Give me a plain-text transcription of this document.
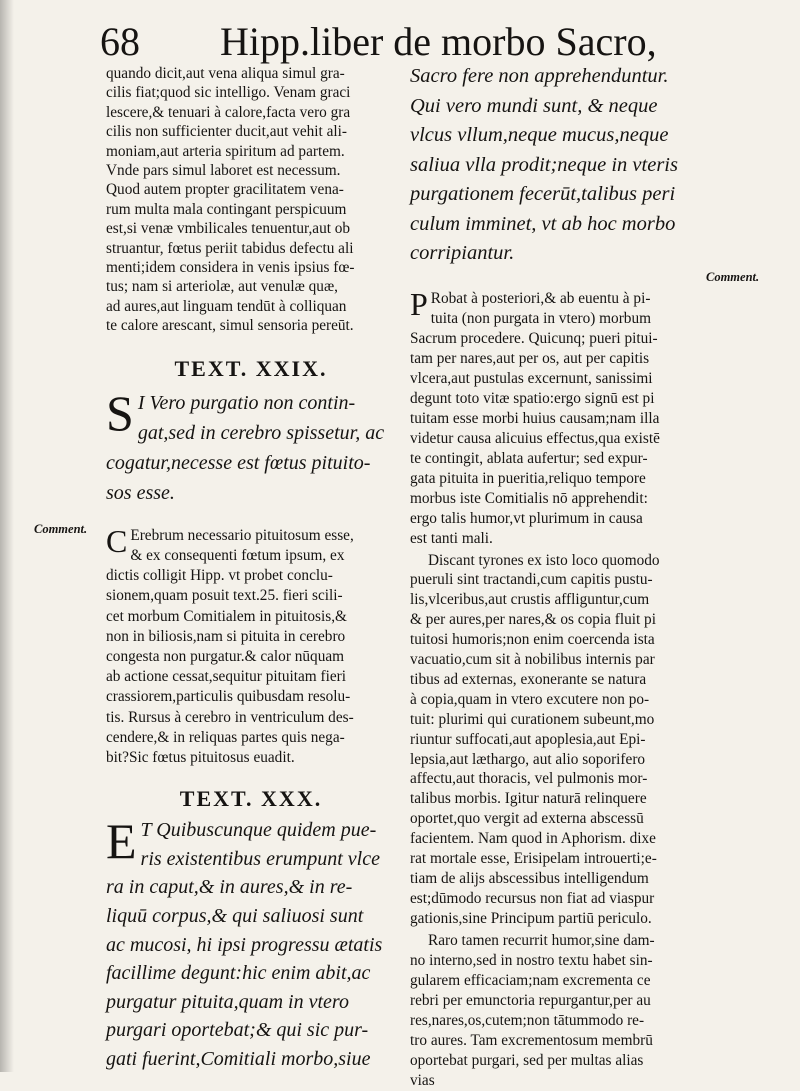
68 Hipp.liber de morbo Sacro,
Comment.
Comment.

quando dicit,aut vena aliqua simul gra-
cilis fiat;quod sic intelligo. Venam graci
lescere,& tenuari à calore,facta vero gra
cilis non sufficienter ducit,aut vehit ali-
moniam,aut arteria spiritum ad partem.
Vnde pars simul laboret est necessum.
Quod autem propter gracilitatem vena-
rum multa mala contingant perspicuum
est,si venæ vmbilicales tenuentur,aut ob
struantur, fœtus periit tabidus defectu ali
menti;idem considera in venis ipsius fœ-
tus; nam si arteriolæ, aut venulæ quæ,
ad aures,aut linguam tendūt à colliquan
te calore arescant, simul sensoria pereūt.

TEXT. XXIX.

S I Vero purgatio non contin-
gat,sed in cerebro spissetur, ac
cogatur,necesse est fœtus pituito-
sos esse.

C Erebrum necessario pituitosum esse,
& ex consequenti fœtum ipsum, ex
dictis colligit Hipp. vt probet conclu-
sionem,quam posuit text.25. fieri scili-
cet morbum Comitialem in pituitosis,&
non in biliosis,nam si pituita in cerebro
congesta non purgatur.& calor nūquam
ab actione cessat,sequitur pituitam fieri
crassiorem,particulis quibusdam resolu-
tis. Rursus à cerebro in ventriculum des-
cendere,& in reliquas partes quis nega-
bit?Sic fœtus pituitosus euadit.

TEXT. XXX.

E T Quibuscunque quidem pue-
ris existentibus erumpunt vlce
ra in caput,& in aures,& in re-
liquū corpus,& qui saliuosi sunt
ac mucosi, hi ipsi progressu ætatis
facillime degunt:hic enim abit,ac
purgatur pituita,quam in vtero
purgari oportebat;& qui sic pur-
gati fuerint,Comitiali morbo,siue

Sacro fere non apprehenduntur.
Qui vero mundi sunt, & neque
vlcus vllum,neque mucus,neque
saliua vlla prodit;neque in vteris
purgationem fecerūt,talibus peri
culum imminet, vt ab hoc morbo
corripiantur.

P Robat à posteriori,& ab euentu à pi-
tuita (non purgata in vtero) morbum
Sacrum procedere. Quicunq; pueri pitui-
tam per nares,aut per os, aut per capitis
vlcera,aut pustulas excernunt, sanissimi
degunt toto vitæ spatio:ergo signū est pi
tuitam esse morbi huius causam;nam illa
videtur causa alicuius effectus,qua existē
te contingit, ablata aufertur; sed expur-
gata pituita in pueritia,reliquo tempore
morbus iste Comitialis nō apprehendit:
ergo talis humor,vt plurimum in causa
est tanti mali.

Discant tyrones ex isto loco quomodo
pueruli sint tractandi,cum capitis pustu-
lis,vlceribus,aut crustis affliguntur,cum
& per aures,per nares,& os copia fluit pi
tuitosi humoris;non enim coercenda ista
vacuatio,cum sit à nobilibus internis par
tibus ad externas, exonerante se natura
à copia,quam in vtero excutere non po-
tuit: plurimi qui curationem subeunt,mo
riuntur suffocati,aut apoplesia,aut Epi-
lepsia,aut læthargo, aut alio soporifero
affectu,aut thoracis, vel pulmonis mor-
talibus morbis. Igitur naturā relinquere
oportet,quo vergit ad externa abscessū
facientem. Nam quod in Aphorism. dixe
rat mortale esse, Erisipelam introuerti;e-
tiam de alijs abscessibus intelligendum
est;dūmodo recursus non fiat ad viaspur
gationis,sine Principum partiū periculo.

Raro tamen recurrit humor,sine dam-
no interno,sed in nostro textu habet sin-
gularem efficaciam;nam excrementa ce
rebri per emunctoria repurgantur,per au
res,nares,os,cutem;non tātummodo re-
tro aures. Tam excrementosum membrū
oportebat purgari, sed per multas alias
vias
